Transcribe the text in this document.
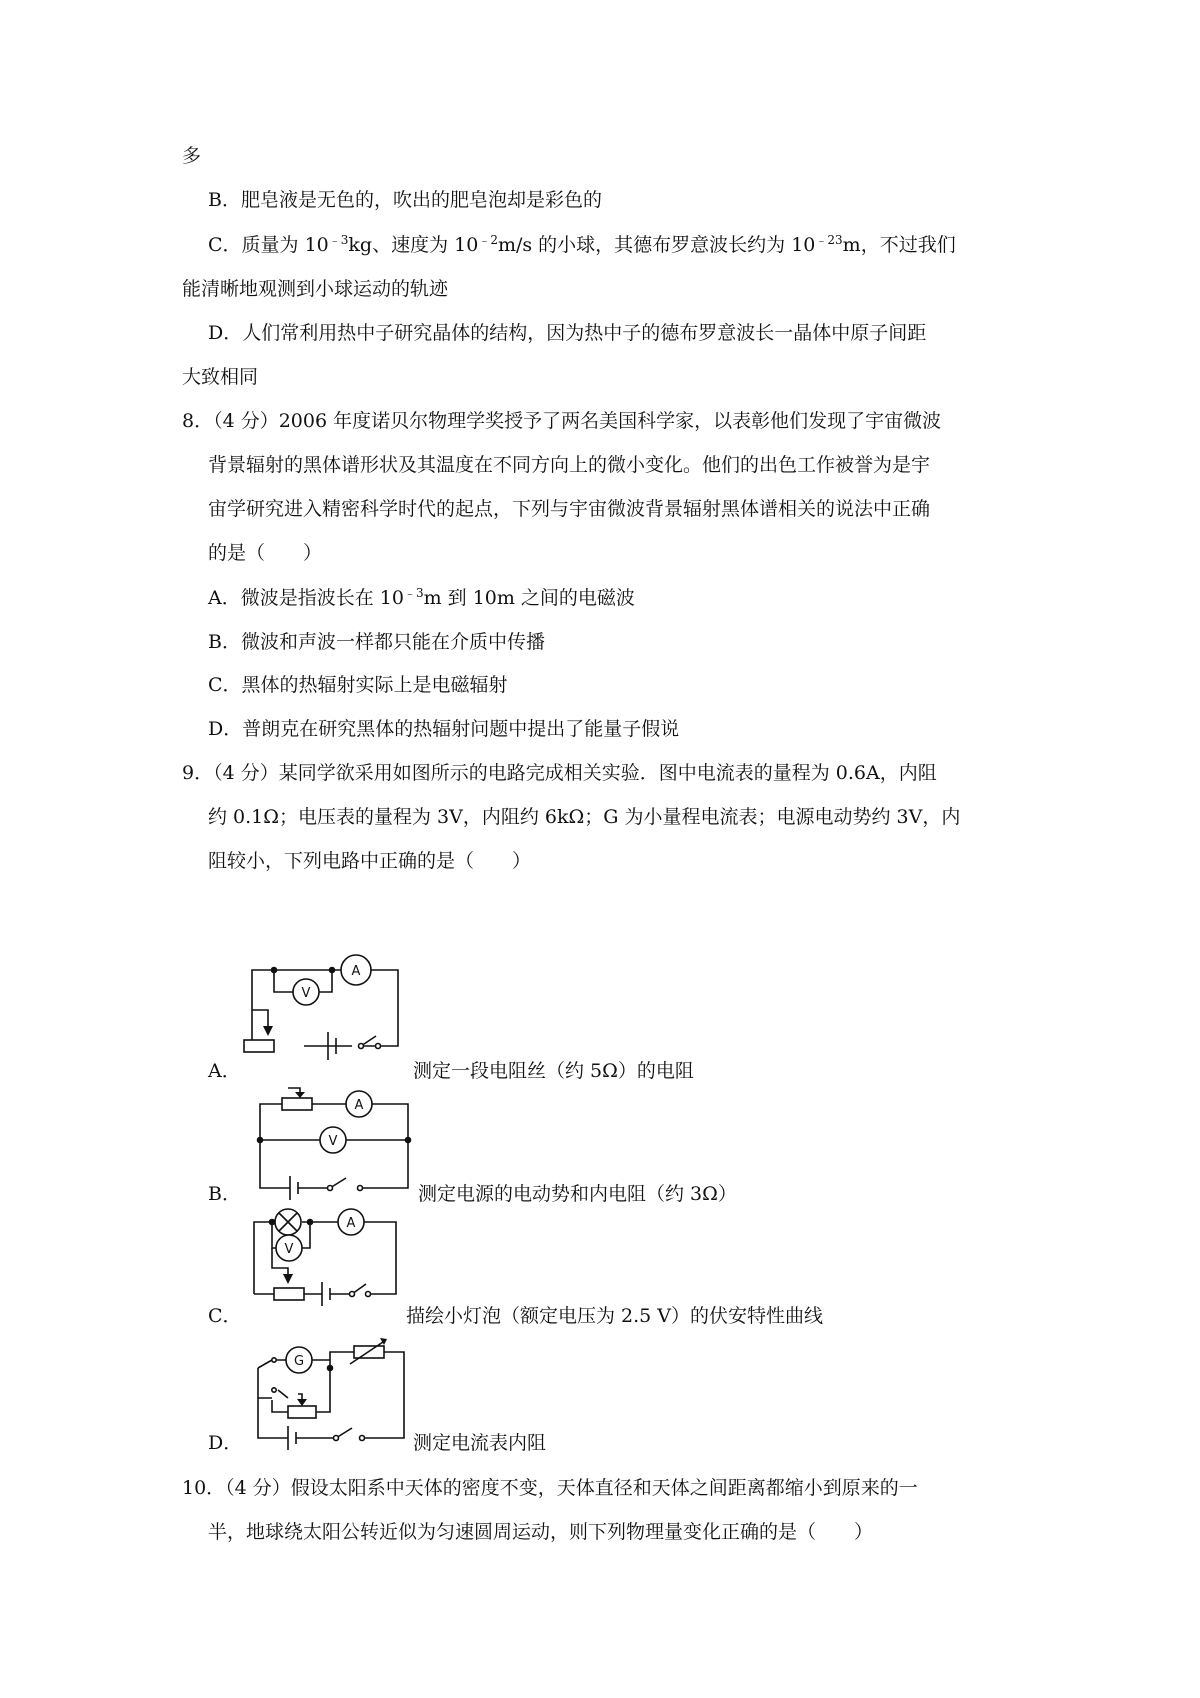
多
B．肥皂液是无色的，吹出的肥皂泡却是彩色的
C．质量为 $10^{﹣3}kg$、速度为 $10^{﹣2}m/s$ 的小球，其德布罗意波长约为 $10^{﹣23}m$，不过我们
能清晰地观测到小球运动的轨迹
D．人们常利用热中子研究晶体的结构，因为热中子的德布罗意波长一晶体中原子间距
大致相同
8．（4 分）2006 年度诺贝尔物理学奖授予了两名美国科学家，以表彰他们发现了宇宙微波
背景辐射的黑体谱形状及其温度在不同方向上的微小变化。他们的出色工作被誉为是宇
宙学研究进入精密科学时代的起点，下列与宇宙微波背景辐射黑体谱相关的说法中正确
的是（　　）
A．微波是指波长在 $10^{﹣3}m$ 到 10m 之间的电磁波
B．微波和声波一样都只能在介质中传播
C．黑体的热辐射实际上是电磁辐射
D．普朗克在研究黑体的热辐射问题中提出了能量子假说
9．（4 分）某同学欲采用如图所示的电路完成相关实验．图中电流表的量程为 0.6A，内阻
约 0.1Ω；电压表的量程为 3V，内阻约 6kΩ；G 为小量程电流表；电源电动势约 3V，内
阻较小，下列电路中正确的是（　　）
A．
A
V
测定一段电阻丝（约 5Ω）的电阻
B．
A
V
测定电源的电动势和内电阻（约 3Ω）
C．
A
V
描绘小灯泡（额定电压为 2.5 V）的伏安特性曲线
D．
G
测定电流表内阻
10．（4 分）假设太阳系中天体的密度不变，天体直径和天体之间距离都缩小到原来的一
半，地球绕太阳公转近似为匀速圆周运动，则下列物理量变化正确的是（　　）
